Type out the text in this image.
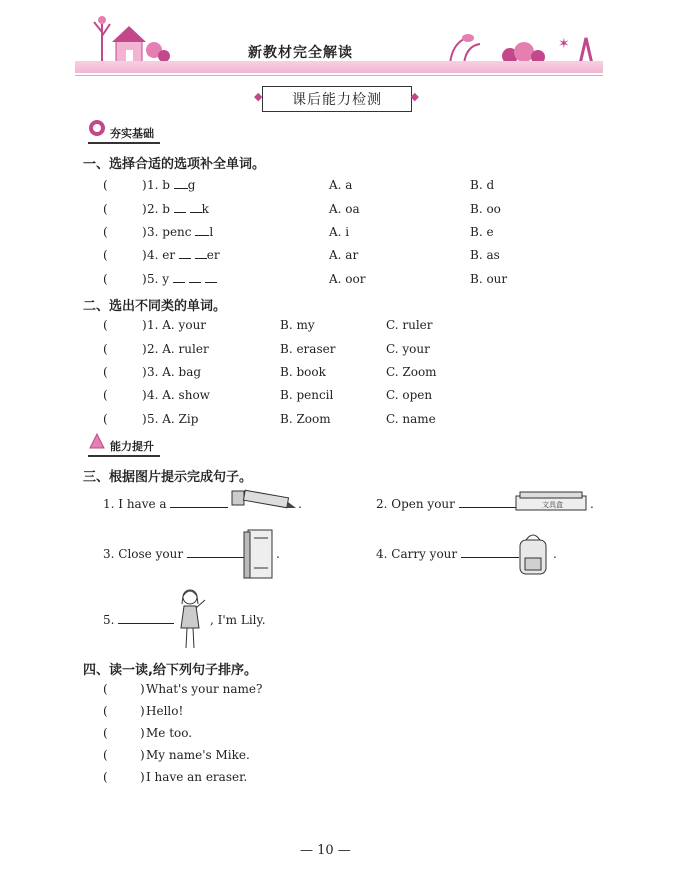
✶
新教材完全解读
◆ 课后能力检测 ◆
夯实基础
一、选择合适的选项补全单词。
(	) 1. b g	A. a	B. d
(	) 2. b	k	A. oa	B. oo
(	) 3. penc l	A. i	B. e
(	) 4. er	er	A. ar	B. as
(	) 5. y	A. oor	B. our
二、选出不同类的单词。
(	) 1. A. your	B. my	C. ruler
(	) 2. A. ruler	B. eraser	C. your
(	) 3. A. bag	B. book	C. Zoom
(	) 4. A. show	B. pencil	C. open
(	) 5. A. Zip	B. Zoom	C. name
能力提升
三、根据图片提示完成句子。
1. I have a	.	2. Open your	文具盒 .
3. Close your	.	4. Carry your	.
5.	, I'm Lily.
四、读一读,给下列句子排序。
(	) What's your name?
(	) Hello!
(	) Me too.
(	) My name's Mike.
(	) I have an eraser.
— 10 —
